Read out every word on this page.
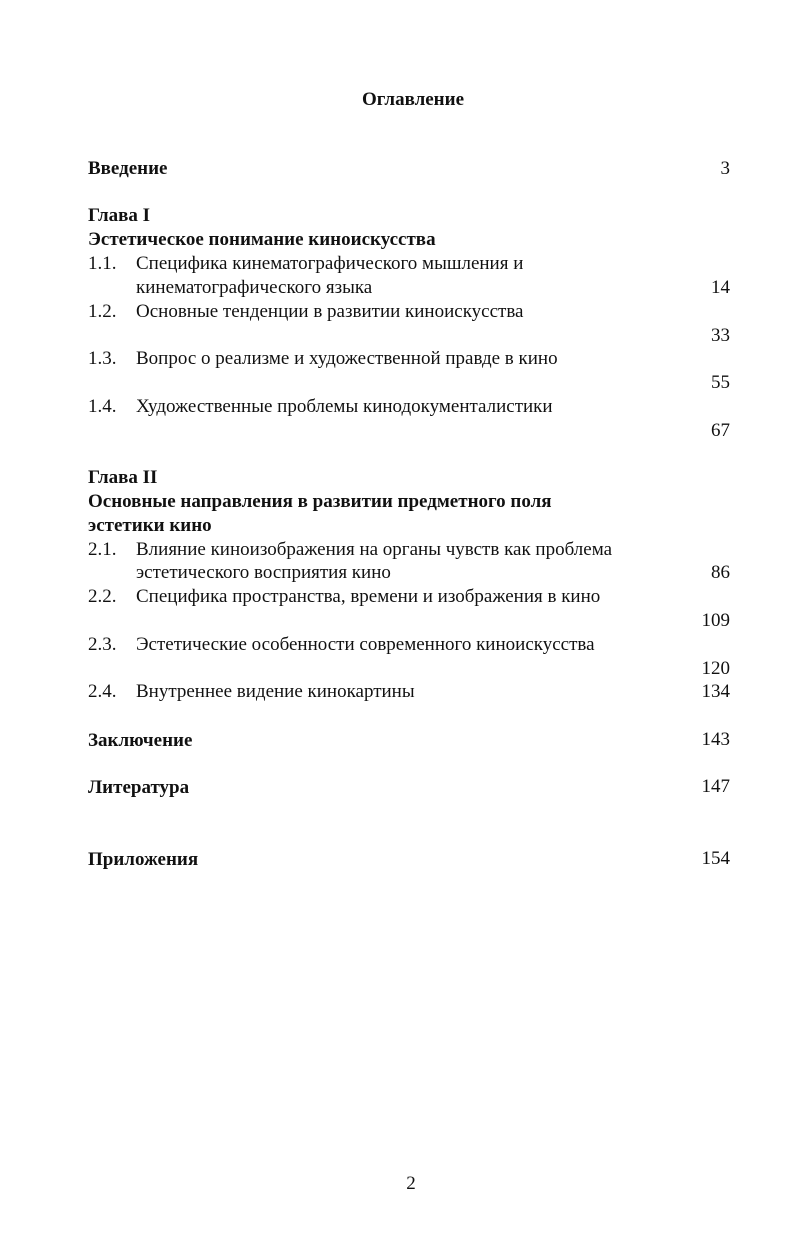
Оглавление
Введение	3
Глава I
Эстетическое понимание киноискусства
1.1. Специфика кинематографического мышления и
кинематографического языка	14
1.2. Основные тенденции в развитии киноискусства
33
1.3. Вопрос о реализме и художественной правде в кино
55
1.4. Художественные проблемы кинодокументалистики
67
Глава II
Основные направления в развитии предметного поля
эстетики кино
2.1. Влияние киноизображения на органы чувств как проблема
эстетического восприятия кино	86
2.2. Специфика пространства, времени и изображения в кино
109
2.3. Эстетические особенности современного киноискусства
120
2.4. Внутреннее видение кинокартины	134
Заключение	143
Литература	147
Приложения	154
2
